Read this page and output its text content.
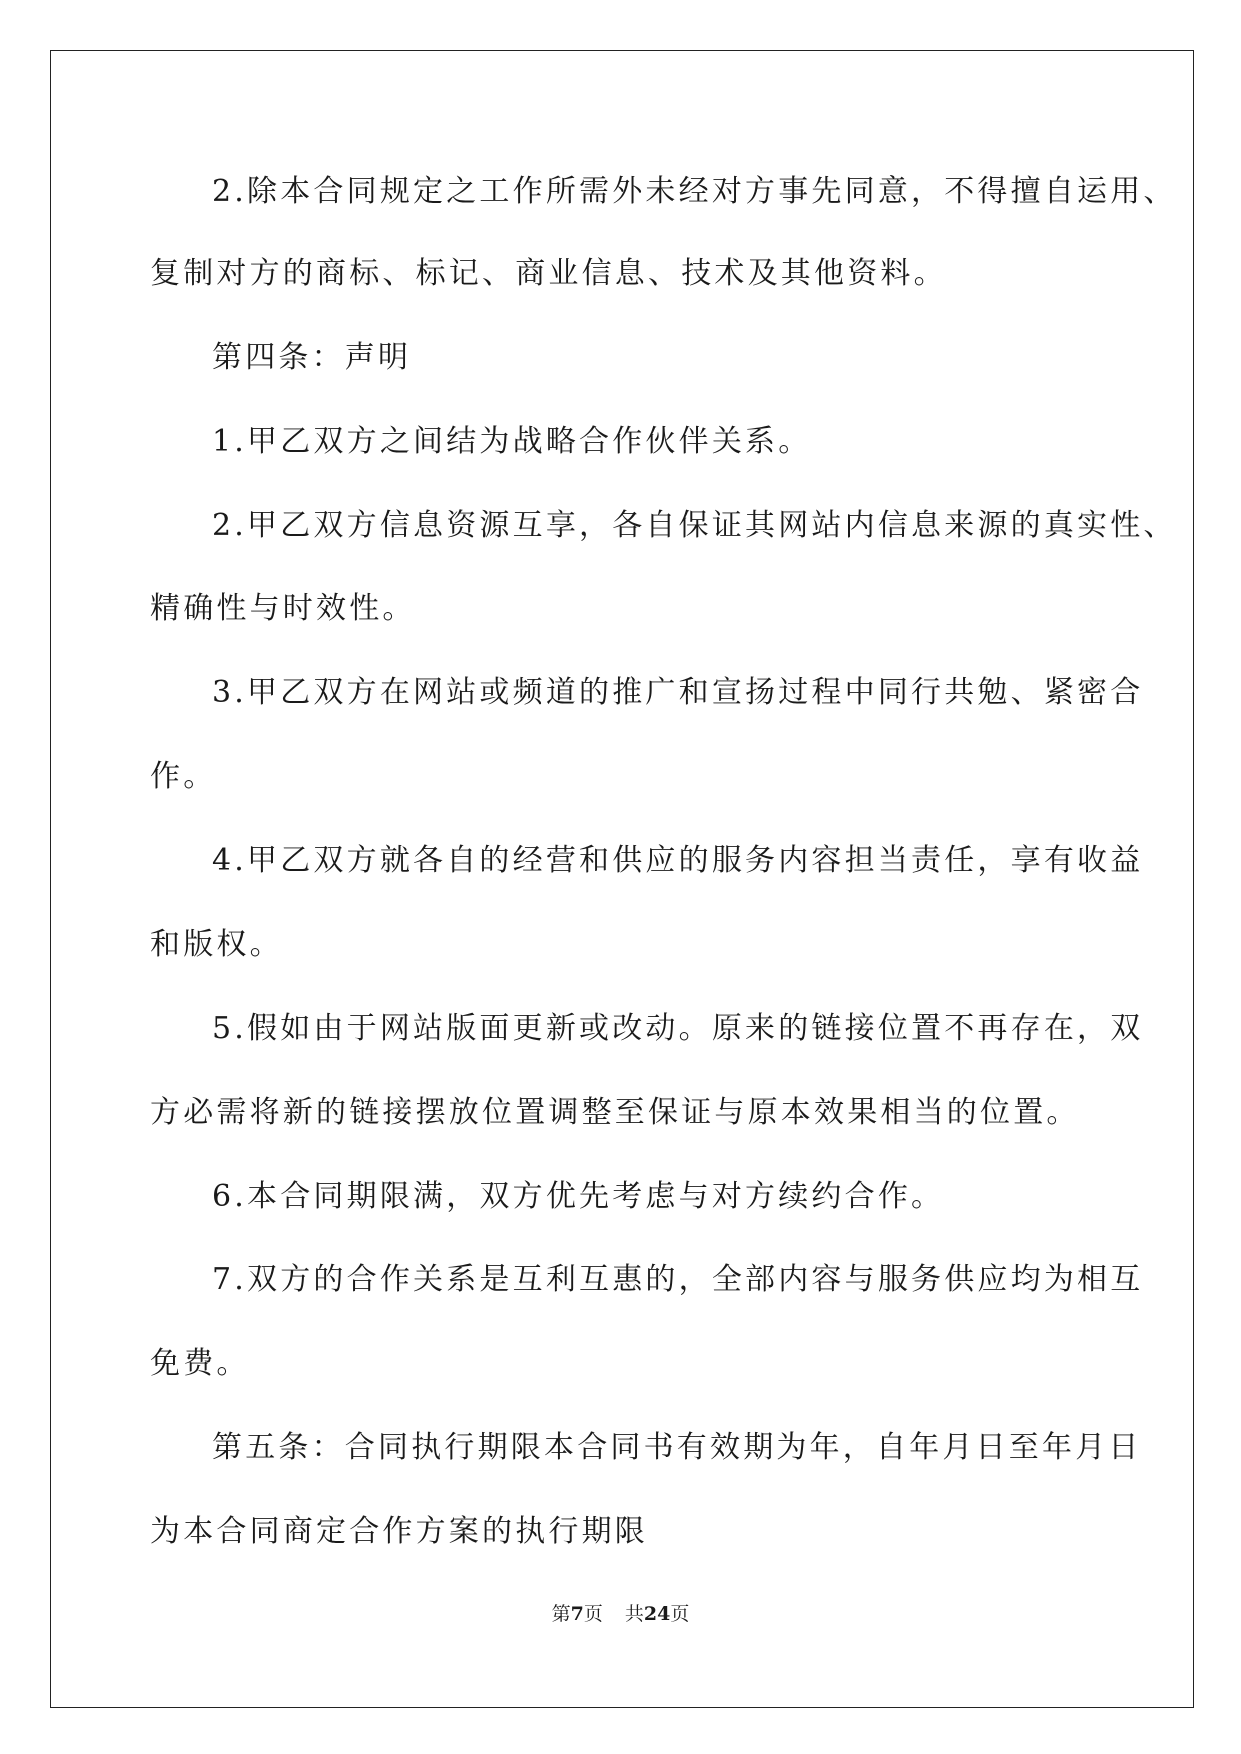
2.除本合同规定之工作所需外未经对方事先同意，不得擅自运用、
复制对方的商标、标记、商业信息、技术及其他资料。
第四条：声明
1.甲乙双方之间结为战略合作伙伴关系。
2.甲乙双方信息资源互享，各自保证其网站内信息来源的真实性、
精确性与时效性。
3.甲乙双方在网站或频道的推广和宣扬过程中同行共勉、紧密合
作。
4.甲乙双方就各自的经营和供应的服务内容担当责任，享有收益
和版权。
5.假如由于网站版面更新或改动。原来的链接位置不再存在，双
方必需将新的链接摆放位置调整至保证与原本效果相当的位置。
6.本合同期限满，双方优先考虑与对方续约合作。
7.双方的合作关系是互利互惠的，全部内容与服务供应均为相互
免费。
第五条：合同执行期限本合同书有效期为年，自年月日至年月日
为本合同商定合作方案的执行期限
第7页 共24页
